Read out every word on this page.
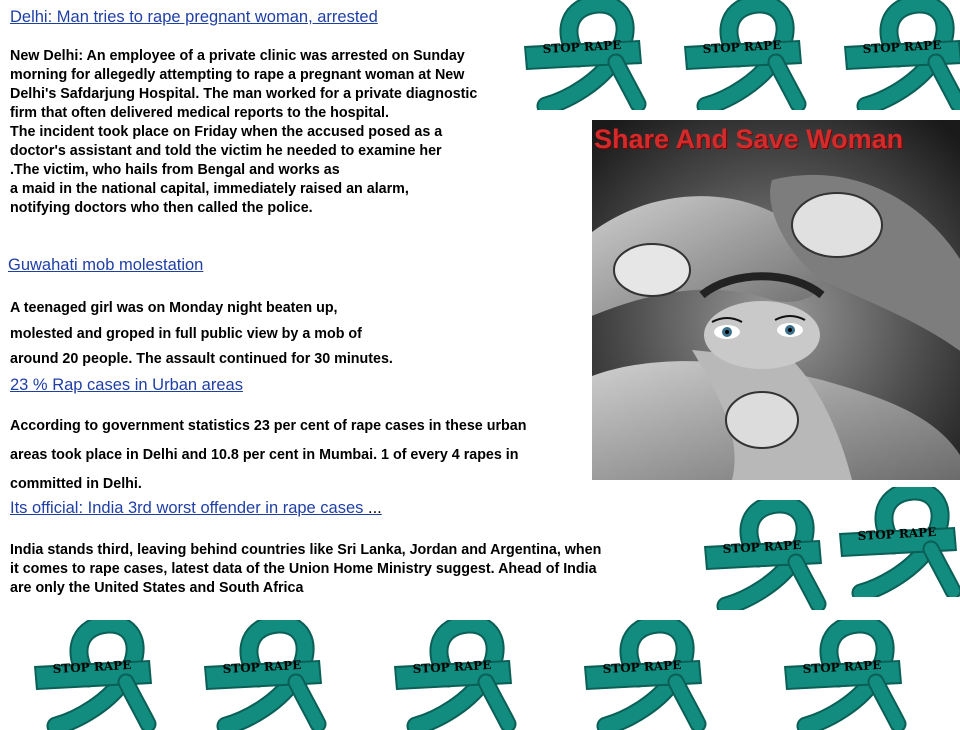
Delhi: Man tries to rape pregnant woman, arrested
New Delhi: An employee of a private clinic was arrested on Sunday
morning for allegedly attempting to rape a pregnant woman at New
Delhi's Safdarjung Hospital. The man worked for a private diagnostic
firm that often delivered medical reports to the hospital.
The incident took place on Friday when the accused posed as a
doctor's assistant and told the victim he needed to examine her
.The victim, who hails from Bengal and works as
a maid in the national capital, immediately raised an alarm,
notifying doctors who then called the police.
Guwahati mob molestation
A teenaged girl was on Monday night beaten up,
molested and groped in full public view by a mob of
around 20 people. The assault continued for 30 minutes.
23 % Rap cases in Urban areas
According to government statistics 23 per cent of rape cases in these urban
areas took place in Delhi and 10.8 per cent in Mumbai. 1 of every 4 rapes in
committed in Delhi.
Its official: India 3rd worst offender in rape cases ...
India stands third, leaving behind countries like Sri Lanka, Jordan and Argentina, when
it comes to rape cases, latest data of the Union Home Ministry suggest. Ahead of India
are only the United States and South Africa
Share And Save Woman
STOP RAPE	STOP RAPE	STOP RAPE
STOP RAPE
STOP RAPE
STOP RAPE	STOP RAPE	STOP RAPE	STOP RAPE	STOP RAPE
